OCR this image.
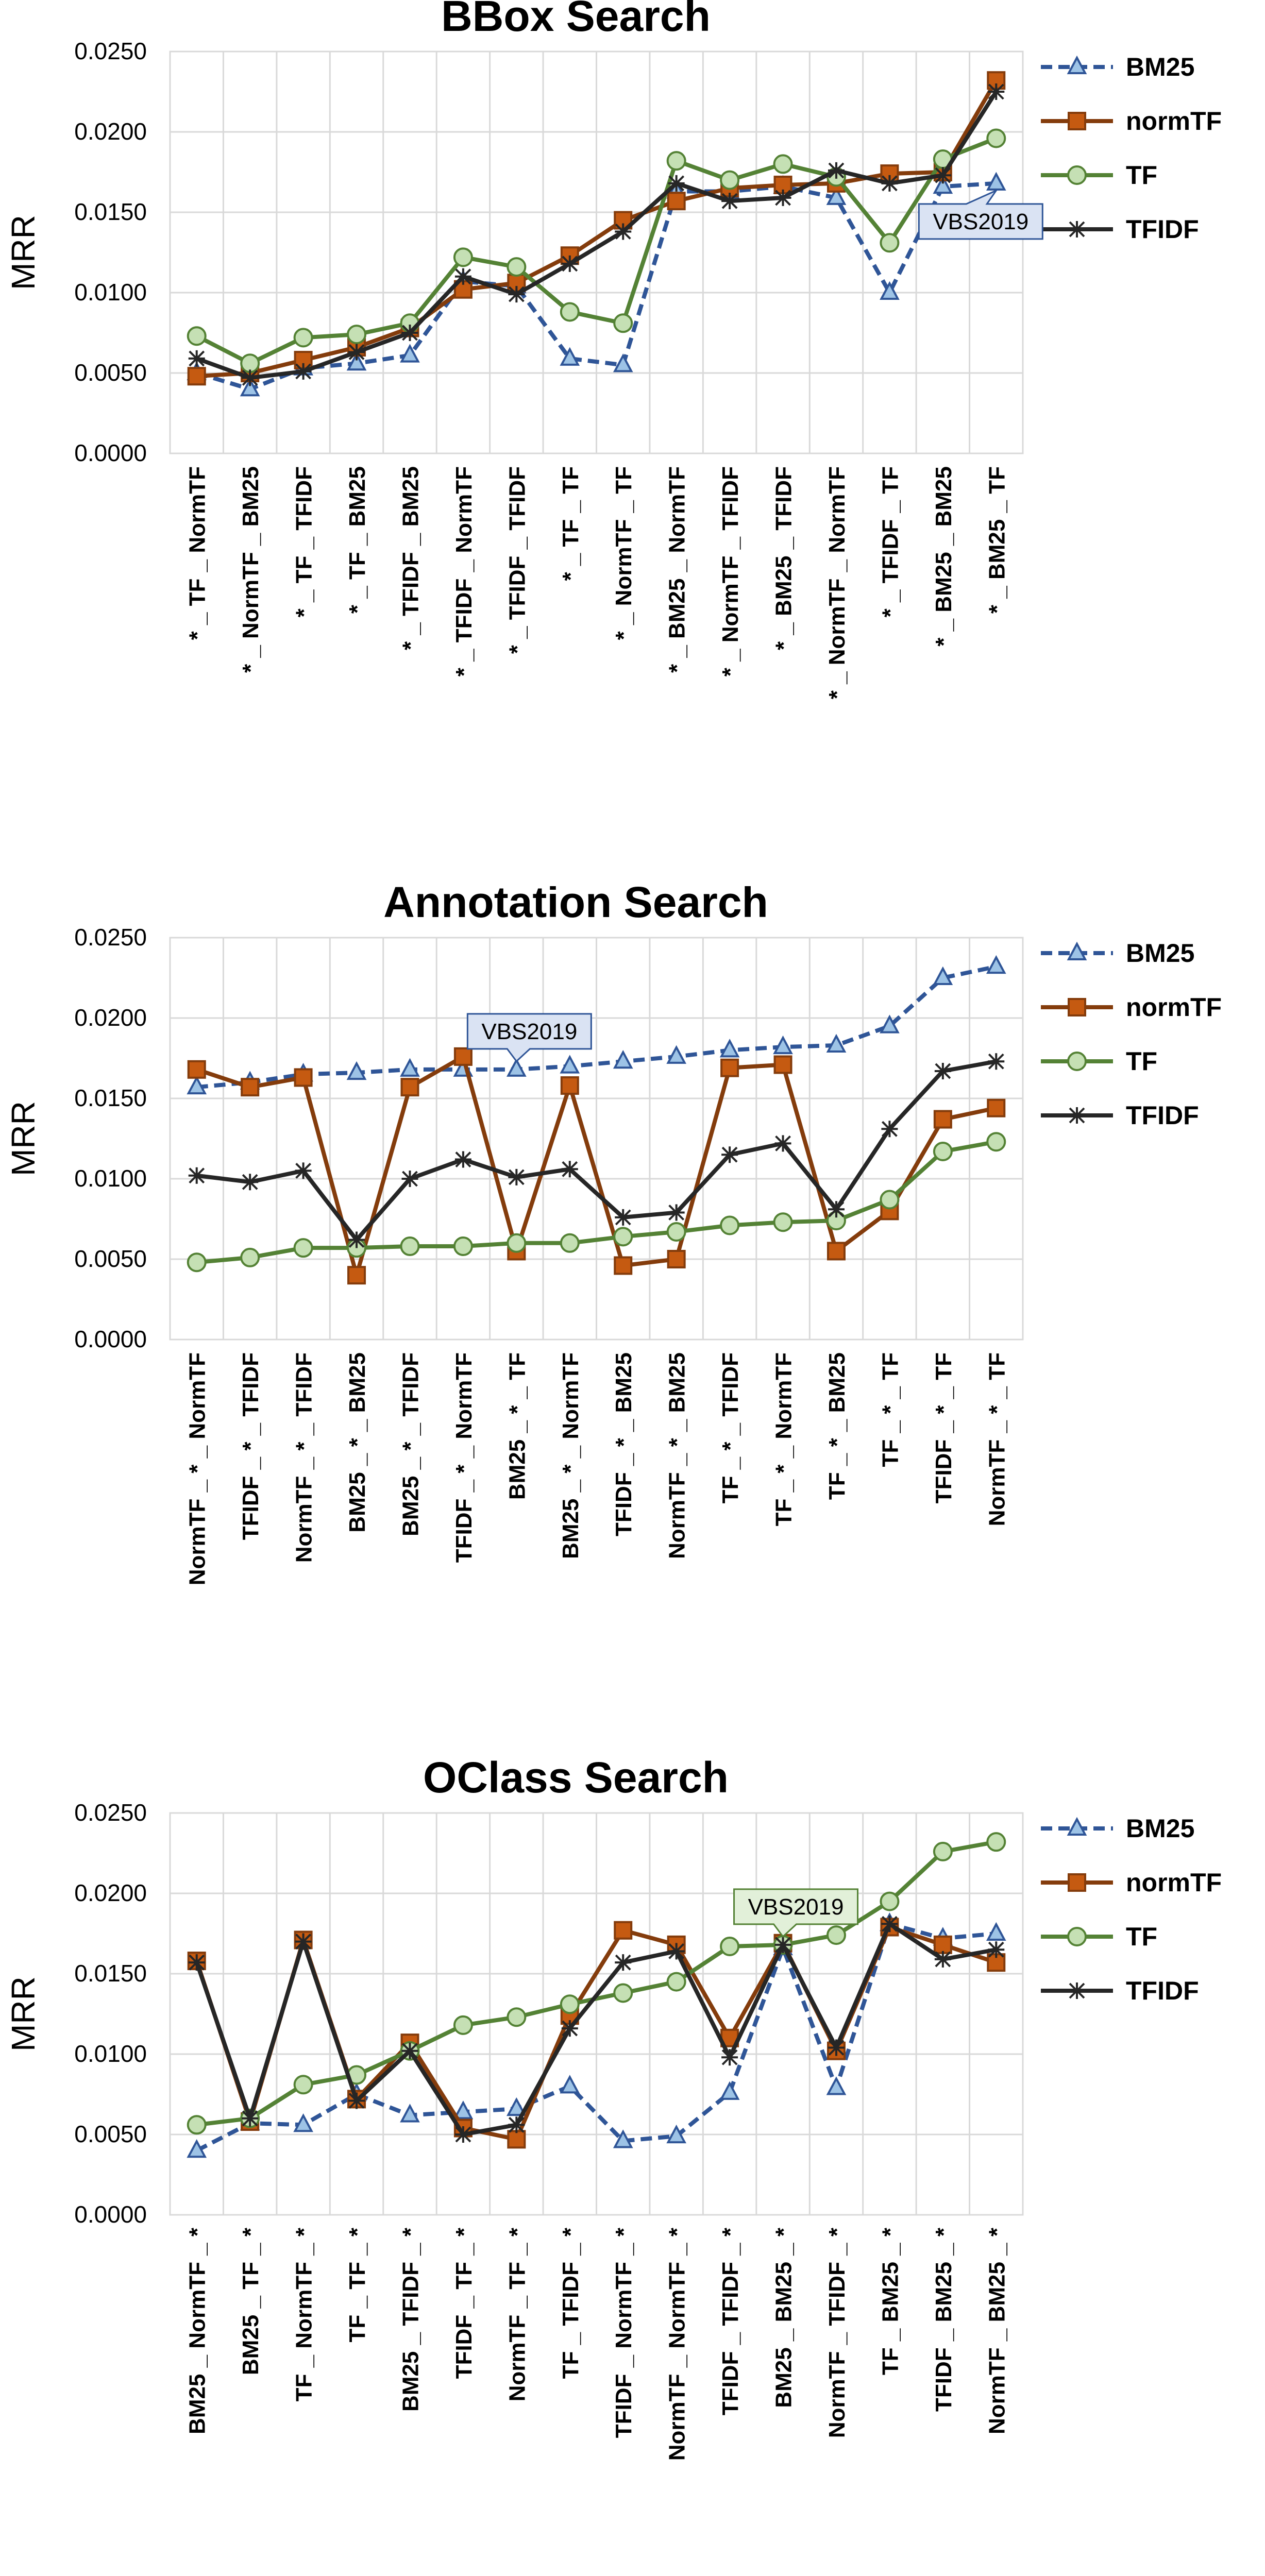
BBox Search
0.0000
0.0050
0.0100
0.0150
0.0200
0.0250
MRR
* _ TF _ NormTF * _ NormTF _ BM25 * _ TF _ TFIDF * _ TF _ BM25 * _ TFIDF _ BM25 * _ TFIDF _ NormTF * _ TFIDF _ TFIDF * _ TF _ TF * _ NormTF _ TF * _ BM25 _ NormTF * _ NormTF _ TFIDF * _ BM25 _ TFIDF * _ NormTF _ NormTF * _ TFIDF _ TF * _ BM25 _ BM25 * _ BM25 _ TF
BM25
normTF
TF
TFIDF
VBS2019
Annotation Search
0.0000
0.0050
0.0100
0.0150
0.0200
0.0250
MRR
NormTF _ * _ NormTF TFIDF _ * _ TFIDF NormTF _ * _ TFIDF BM25 _ * _ BM25 BM25 _ * _ TFIDF TFIDF _ * _ NormTF BM25 _ * _ TF BM25 _ * _ NormTF TFIDF _ * _ BM25 NormTF _ * _ BM25 TF _ * _ TFIDF TF _ * _ NormTF TF _ * _ BM25 TF _ * _ TF TFIDF _ * _ TF NormTF _ * _ TF
BM25
normTF
TF
TFIDF
VBS2019
OClass Search
0.0000
0.0050
0.0100
0.0150
0.0200
0.0250
MRR
BM25 _ NormTF _ * BM25 _ TF _ * TF _ NormTF _ * TF _ TF _ * BM25 _ TFIDF _ * TFIDF _ TF _ * NormTF _ TF _ * TF _ TFIDF _ * TFIDF _ NormTF _ * NormTF _ NormTF _ * TFIDF _ TFIDF _ * BM25 _ BM25 _ * NormTF _ TFIDF _ * TF _ BM25 _ * TFIDF _ BM25 _ * NormTF _ BM25 _ *
BM25
normTF
TF
TFIDF
VBS2019
